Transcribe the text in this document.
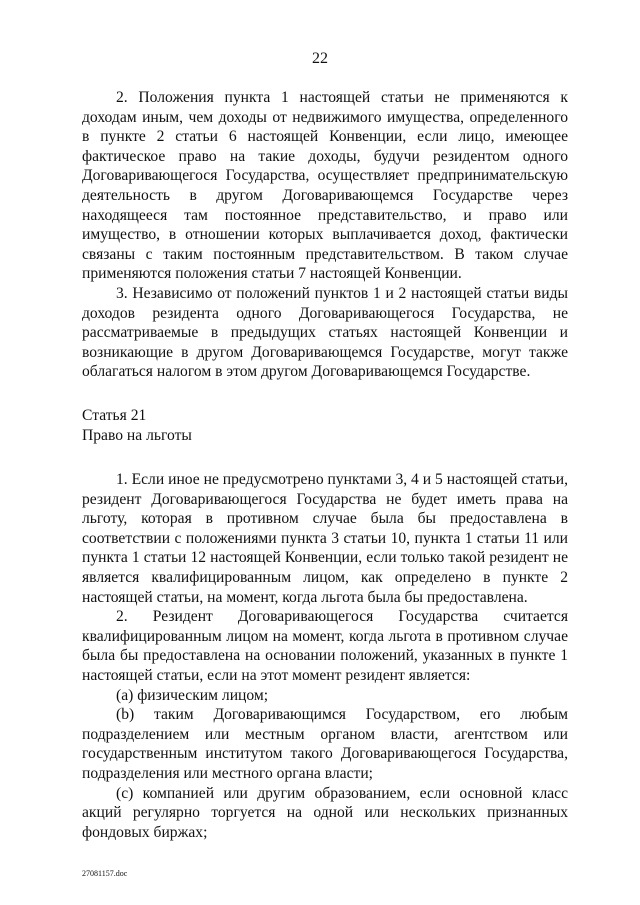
22

2. Положения пункта 1 настоящей статьи не применяются к доходам иным, чем доходы от недвижимого имущества, определенного в пункте 2 статьи 6 настоящей Конвенции, если лицо, имеющее фактическое право на такие доходы, будучи резидентом одного Договаривающегося Государства, осуществляет предпринимательскую деятельность в другом Договаривающемся Государстве через находящееся там постоянное представительство, и право или имущество, в отношении которых выплачивается доход, фактически связаны с таким постоянным представительством. В таком случае применяются положения статьи 7 настоящей Конвенции.

3. Независимо от положений пунктов 1 и 2 настоящей статьи виды доходов резидента одного Договаривающегося Государства, не рассматриваемые в предыдущих статьях настоящей Конвенции и возникающие в другом Договаривающемся Государстве, могут также облагаться налогом в этом другом Договаривающемся Государстве.

Статья 21

Право на льготы

1. Если иное не предусмотрено пунктами 3, 4 и 5 настоящей статьи, резидент Договаривающегося Государства не будет иметь права на льготу, которая в противном случае была бы предоставлена в соответствии с положениями пункта 3 статьи 10, пункта 1 статьи 11 или пункта 1 статьи 12 настоящей Конвенции, если только такой резидент не является квалифицированным лицом, как определено в пункте 2 настоящей статьи, на момент, когда льгота была бы предоставлена.

2. Резидент Договаривающегося Государства считается квалифицированным лицом на момент, когда льгота в противном случае была бы предоставлена на основании положений, указанных в пункте 1 настоящей статьи, если на этот момент резидент является:

(a) физическим лицом;

(b) таким Договаривающимся Государством, его любым подразделением или местным органом власти, агентством или государственным институтом такого Договаривающегося Государства, подразделения или местного органа власти;

(c) компанией или другим образованием, если основной класс акций регулярно торгуется на одной или нескольких признанных фондовых биржах;

27081157.doc
